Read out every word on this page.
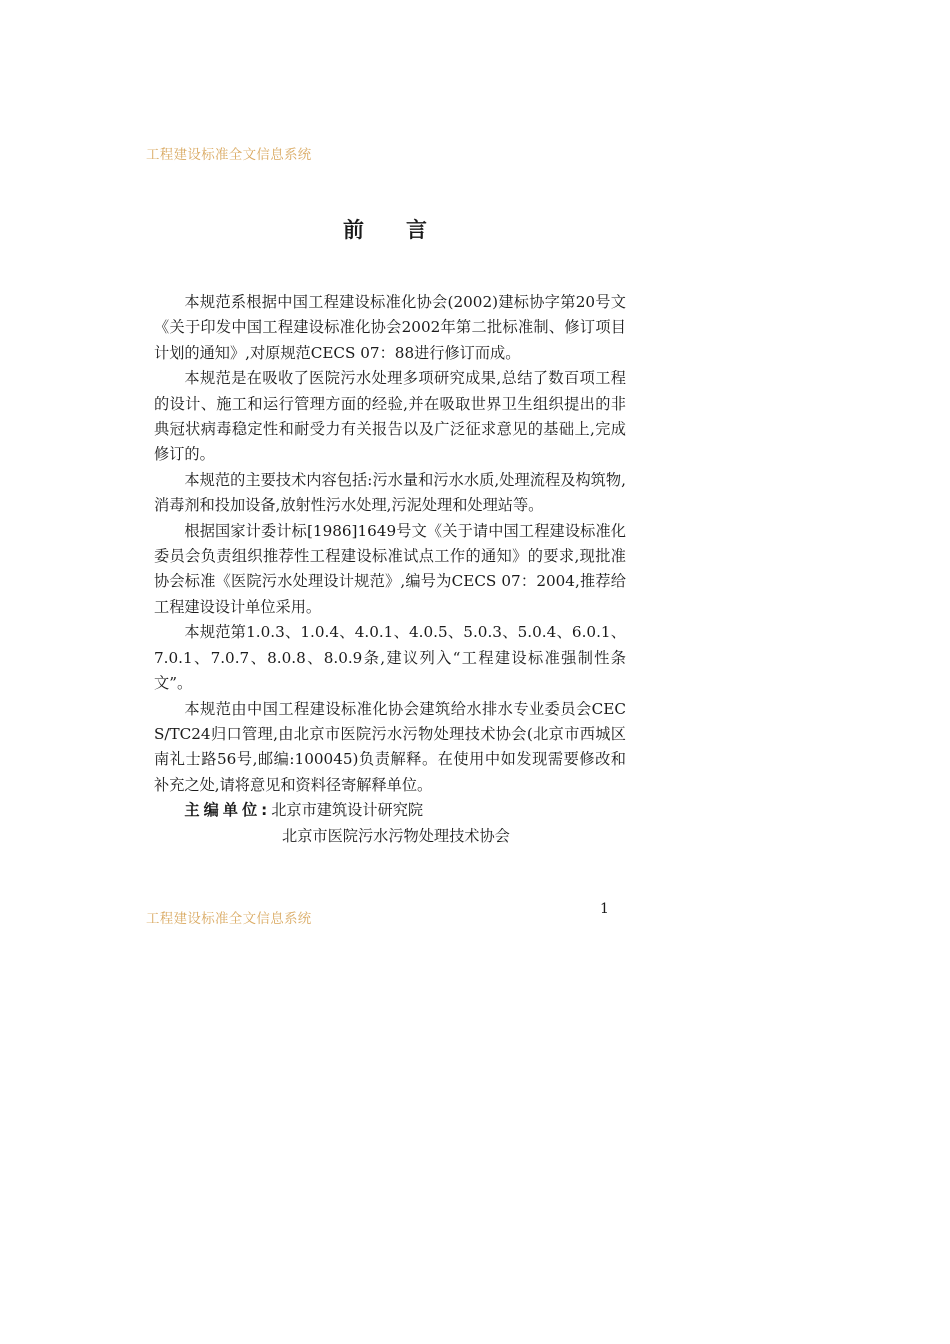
工程建设标准全文信息系统
前言

本规范系根据中国工程建设标准化协会(2002)建标协字第20号文《关于印发中国工程建设标准化协会2002年第二批标准制、修订项目计划的通知》,对原规范CECS 07：88进行修订而成。

本规范是在吸收了医院污水处理多项研究成果,总结了数百项工程的设计、施工和运行管理方面的经验,并在吸取世界卫生组织提出的非典冠状病毒稳定性和耐受力有关报告以及广泛征求意见的基础上,完成修订的。

本规范的主要技术内容包括:污水量和污水水质,处理流程及构筑物,消毒剂和投加设备,放射性污水处理,污泥处理和处理站等。

根据国家计委计标[1986]1649号文《关于请中国工程建设标准化委员会负责组织推荐性工程建设标准试点工作的通知》的要求,现批准协会标准《医院污水处理设计规范》,编号为CECS 07：2004,推荐给工程建设设计单位采用。

本规范第1.0.3、1.0.4、4.0.1、4.0.5、5.0.3、5.0.4、6.0.1、7.0.1、7.0.7、8.0.8、8.0.9条,建议列入“工程建设标准强制性条文”。

本规范由中国工程建设标准化协会建筑给水排水专业委员会CECS/TC24归口管理,由北京市医院污水污物处理技术协会(北京市西城区南礼士路56号,邮编:100045)负责解释。在使用中如发现需要修改和补充之处,请将意见和资料径寄解释单位。

主编单位:北京市建筑设计研究院
北京市医院污水污物处理技术协会
工程建设标准全文信息系统
1
